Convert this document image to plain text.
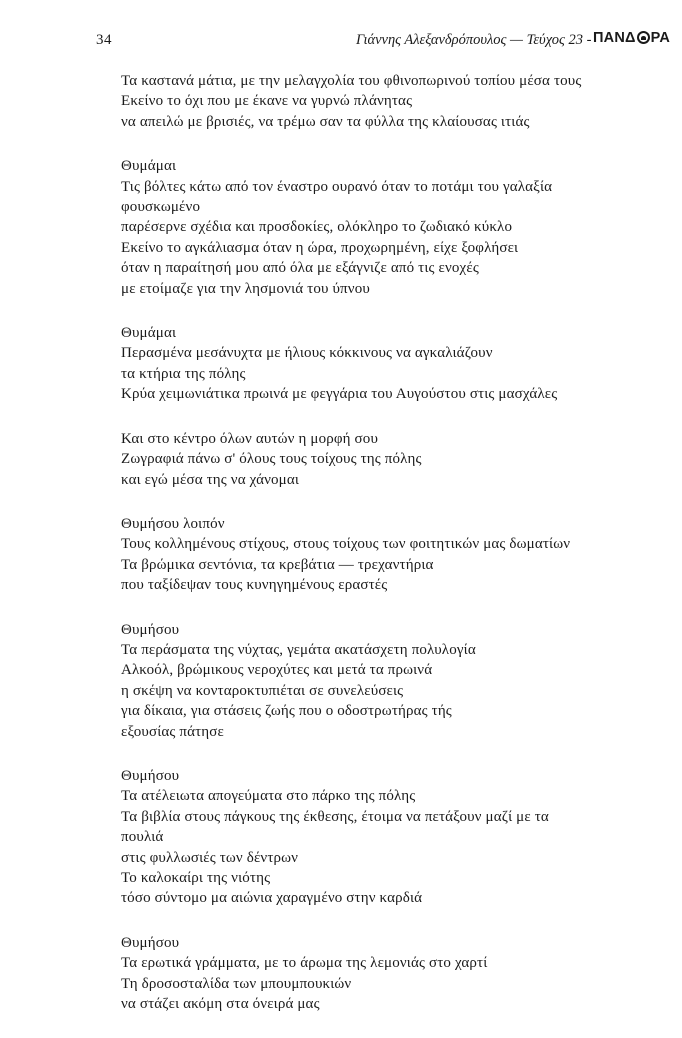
34	Γιάννης Αλεξανδρόπουλος — Τεύχος 23 - ΠΑΝΔ ΡΑ
Τα καστανά μάτια, με την μελαγχολία του φθινοπωρινού τοπίου μέσα τους
Εκείνο το όχι που με έκανε να γυρνώ πλάνητας
να απειλώ με βρισιές, να τρέμω σαν τα φύλλα της κλαίουσας ιτιάς
Θυμάμαι
Τις βόλτες κάτω από τον έναστρο ουρανό όταν το ποτάμι του γαλαξία
φουσκωμένο
παρέσερνε σχέδια και προσδοκίες, ολόκληρο το ζωδιακό κύκλο
Εκείνο το αγκάλιασμα όταν η ώρα, προχωρημένη, είχε ξοφλήσει
όταν η παραίτησή μου από όλα με εξάγνιζε από τις ενοχές
με ετοίμαζε για την λησμονιά του ύπνου
Θυμάμαι
Περασμένα μεσάνυχτα με ήλιους κόκκινους να αγκαλιάζουν
τα κτήρια της πόλης
Κρύα χειμωνιάτικα πρωινά με φεγγάρια του Αυγούστου στις μασχάλες
Και στο κέντρο όλων αυτών η μορφή σου
Ζωγραφιά πάνω σ' όλους τους τοίχους της πόλης
και εγώ μέσα της να χάνομαι
Θυμήσου λοιπόν
Τους κολλημένους στίχους, στους τοίχους των φοιτητικών μας δωματίων
Τα βρώμικα σεντόνια, τα κρεβάτια — τρεχαντήρια
που ταξίδεψαν τους κυνηγημένους εραστές
Θυμήσου
Τα περάσματα της νύχτας, γεμάτα ακατάσχετη πολυλογία
Αλκοόλ, βρώμικους νεροχύτες και μετά τα πρωινά
η σκέψη να κονταροκτυπιέται σε συνελεύσεις
για δίκαια, για στάσεις ζωής που ο οδοστρωτήρας τής
εξουσίας πάτησε
Θυμήσου
Τα ατέλειωτα απογεύματα στο πάρκο της πόλης
Τα βιβλία στους πάγκους της έκθεσης, έτοιμα να πετάξουν μαζί με τα
πουλιά
στις φυλλωσιές των δέντρων
Το καλοκαίρι της νιότης
τόσο σύντομο μα αιώνια χαραγμένο στην καρδιά
Θυμήσου
Τα ερωτικά γράμματα, με το άρωμα της λεμονιάς στο χαρτί
Τη δροσοσταλίδα των μπουμπουκιών
να στάζει ακόμη στα όνειρά μας
